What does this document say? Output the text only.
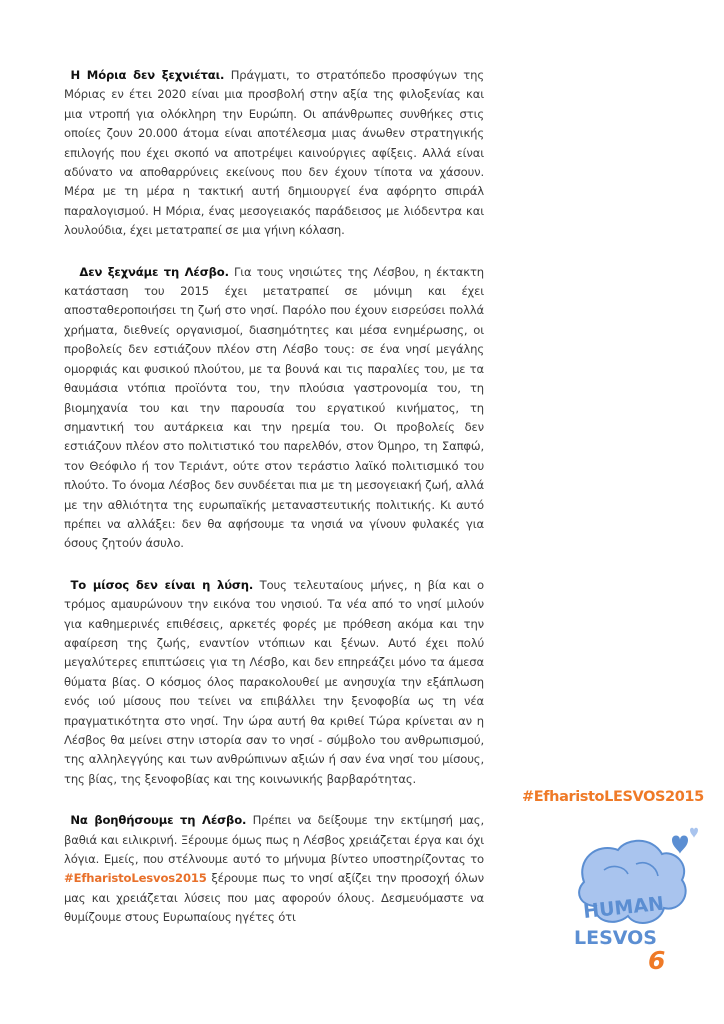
Η Μόρια δεν ξεχνιέται. Πράγματι, το στρατόπεδο προσφύγων της Μόριας εν έτει 2020 είναι μια προσβολή στην αξία της φιλοξενίας και μια ντροπή για ολόκληρη την Ευρώπη. Οι απάνθρωπες συνθήκες στις οποίες ζουν 20.000 άτομα είναι αποτέλεσμα μιας άνωθεν στρατηγικής επιλογής που έχει σκοπό να αποτρέψει καινούργιες αφίξεις. Αλλά είναι αδύνατο να αποθαρρύνεις εκείνους που δεν έχουν τίποτα να χάσουν. Μέρα με τη μέρα η τακτική αυτή δημιουργεί ένα αφόρητο σπιράλ παραλογισμού. Η Μόρια, ένας μεσογειακός παράδεισος με λιόδεντρα και λουλούδια, έχει μετατραπεί σε μια γήινη κόλαση.

Δεν ξεχνάμε τη Λέσβο. Για τους νησιώτες της Λέσβου, η έκτακτη κατάσταση του 2015 έχει μετατραπεί σε μόνιμη και έχει αποσταθεροποιήσει τη ζωή στο νησί. Παρόλο που έχουν εισρεύσει πολλά χρήματα, διεθνείς οργανισμοί, διασημότητες και μέσα ενημέρωσης, οι προβολείς δεν εστιάζουν πλέον στη Λέσβο τους: σε ένα νησί μεγάλης ομορφιάς και φυσικού πλούτου, με τα βουνά και τις παραλίες του, με τα θαυμάσια ντόπια προϊόντα του, την πλούσια γαστρονομία του, τη βιομηχανία του και την παρουσία του εργατικού κινήματος, τη σημαντική του αυτάρκεια και την ηρεμία του. Οι προβολείς δεν εστιάζουν πλέον στο πολιτιστικό του παρελθόν, στον Όμηρο, τη Σαπφώ, τον Θεόφιλο ή τον Τεριάντ, ούτε στον τεράστιο λαϊκό πολιτισμικό του πλούτο. Το όνομα Λέσβος δεν συνδέεται πια με τη μεσογειακή ζωή, αλλά με την αθλιότητα της ευρωπαϊκής μεταναστευτικής πολιτικής. Κι αυτό πρέπει να αλλάξει: δεν θα αφήσουμε τα νησιά να γίνουν φυλακές για όσους ζητούν άσυλο.

Το μίσος δεν είναι η λύση. Τους τελευταίους μήνες, η βία και ο τρόμος αμαυρώνουν την εικόνα του νησιού. Τα νέα από το νησί μιλούν για καθημερινές επιθέσεις, αρκετές φορές με πρόθεση ακόμα και την αφαίρεση της ζωής, εναντίον ντόπιων και ξένων. Αυτό έχει πολύ μεγαλύτερες επιπτώσεις για τη Λέσβο, και δεν επηρεάζει μόνο τα άμεσα θύματα βίας. Ο κόσμος όλος παρακολουθεί με ανησυχία την εξάπλωση ενός ιού μίσους που τείνει να επιβάλλει την ξενοφοβία ως τη νέα πραγματικότητα στο νησί. Την ώρα αυτή θα κριθεί Τώρα κρίνεται αν η Λέσβος θα μείνει στην ιστορία σαν το νησί - σύμβολο του ανθρωπισμού, της αλληλεγγύης και των ανθρώπινων αξιών ή σαν ένα νησί του μίσους, της βίας, της ξενοφοβίας και της κοινωνικής βαρβαρότητας.

Να βοηθήσουμε τη Λέσβο. Πρέπει να δείξουμε την εκτίμησή μας, βαθιά και ειλικρινή. Ξέρουμε όμως πως η Λέσβος χρειάζεται έργα και όχι λόγια. Εμείς, που στέλνουμε αυτό το μήνυμα βίντεο υποστηρίζοντας το #EfharistoLesvos2015 ξέρουμε πως το νησί αξίζει την προσοχή όλων μας και χρειάζεται λύσεις που μας αφορούν όλους. Δεσμευόμαστε να θυμίζουμε στους Ευρωπαίους ηγέτες ότι

#EfharistoLESVOS2015
HUMAN
LESVOS
6
